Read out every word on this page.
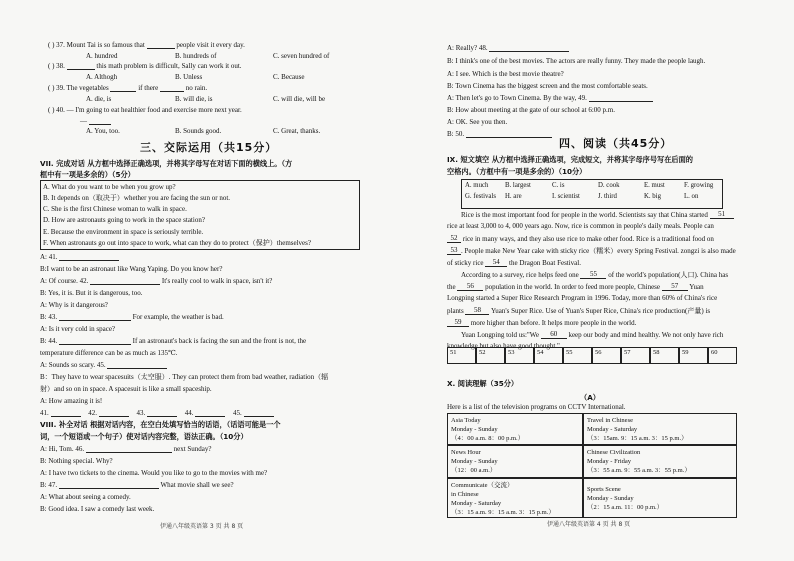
( ) 37. Mount Tai is so famous that	people visit it every day.
A. hundred	B. hundreds of	C. seven hundred of
( ) 38.	this math problem is difficult, Sally can work it out.
A. Althogh	B. Unless	C. Because
( ) 39. The vegetables	if there	no rain.
A. die, is	B. will die, is	C. will die, will be
( ) 40. — I'm going to eat healthier food and exercise more next year.
—
A. You, too.	B. Sounds good.	C. Great, thanks.
三、交际运用（共15分）
VII. 完成对话 从方框中选择正确选项，并将其字母写在对话下面的横线上。（方
框中有一项是多余的）（5分）
A. What do you want to be when you grow up?
B. It depends on（取决于）whether you are facing the sun or not.
C. She is the first Chinese woman to walk in space.
D. How are astronauts going to work in the space station?
E. Because the environment in space is seriously terrible.
F. When astronauts go out into space to work, what can they do to protect（保护）themselves?
A: 41.
B:I want to be an astronaut like Wang Yaping. Do you know her?
A: Of course. 42.	It's really cool to walk in space, isn't it?
B: Yes, it is. But it is dangerous, too.
A: Why is it dangerous?
B: 43.	For example, the weather is bad.
A: Is it very cold in space?
B: 44.	If an astronaut's back is facing the sun and the front is not, the
temperature difference can be as much as 135℃.
A: Sounds so scary. 45.
B：They have to wear spacesuits（太空服）. They can protect them from bad weather, radiation（辐
射）and so on in space. A spacesuit is like a small spaceship.
A: How amazing it is!
41.	42.	43.	44.	45.
VIII. 补全对话 根据对话内容，在空白处填写恰当的话语，（话语可能是一个
词，一个短语或一个句子）使对话内容完整，语法正确。（10分）
A: Hi, Tom. 46.	next Sunday?
B: Nothing special. Why?
A: I have two tickets to the cinema. Would you like to go to the movies with me?
B: 47.	What movie shall we see?
A: What about seeing a comedy.
B: Good idea. I saw a comedy last week.
伊通八年级英语第 3 页 共 8 页
A: Really? 48.
B: I think's one of the best movies. The actors are really funny. They made the people laugh.
A: I see. Which is the best movie theatre?
B: Town Cinema has the biggest screen and the most comfortable seats.
A: Then let's go to Town Cinema. By the way, 49.
B: How about meeting at the gate of our school at 6:00 p.m.
A: OK. See you then.
B: 50.
四、阅读（共45分）
IX. 短文填空 从方框中选择正确选项，完成短文，并将其字母序号写在后面的
空格内。（方框中有一项是多余的）（10分）
A. much	B. largest	C. is	D. cook	E. must	F. growing
G. festivals	H. are	I. scientist	J. third	K. big	L. on
Rice is the most important food for people in the world. Scientists say that China started 51
rice at least 3,000 to 4, 000 years ago. Now, rice is common in people's daily meals. People can
52 rice in many ways, and they also use rice to make other food. Rice is a traditional food on
53 . People make New Year cake with sticky rice（糯米）every Spring Festival. zongzi is also made
of sticky rice 54 the Dragon Boat Festival.
According to a survey, rice helps feed one 55 of the world's population(人口). China has
the 56 population in the world. In order to feed more people, Chinese 57 Yuan
Longping started a Super Rice Research Program in 1996. Today, more than 60% of China's rice
plants 58 Yuan's Super Rice. Use of Yuan's Super Rice, China's rice production(产量) is
59 more higher than before. It helps more people in the world.
Yuan Longping told us:"We 60 keep our body and mind healthy. We not only have rich
knowledge but also have good thought."
51	52	53	54	55	56	57	58	59	60
X. 阅读理解（35分）
（A）
Here is a list of the television programs on CCTV International.
Asia Today
Monday - Sunday
（4：00 a.m. 8：00 p.m.）
Travel in Chinese
Monday - Saturday
（3：15am. 9：15 a.m. 3：15 p.m.）
News Hour
Monday - Sunday
（12：00 a.m.）
Chinese Civilization
Monday - Friday
（3：55 a.m. 9：55 a.m. 3：55 p.m.）
Communicate（交流）
in Chinese
Monday - Saturday
（3：15 a.m. 9：15 a.m. 3：15 p.m.）
Sports Scene
Monday - Sunday
（2：15 a.m. 11：00 p.m.）
伊通八年级英语第 4 页 共 8 页
